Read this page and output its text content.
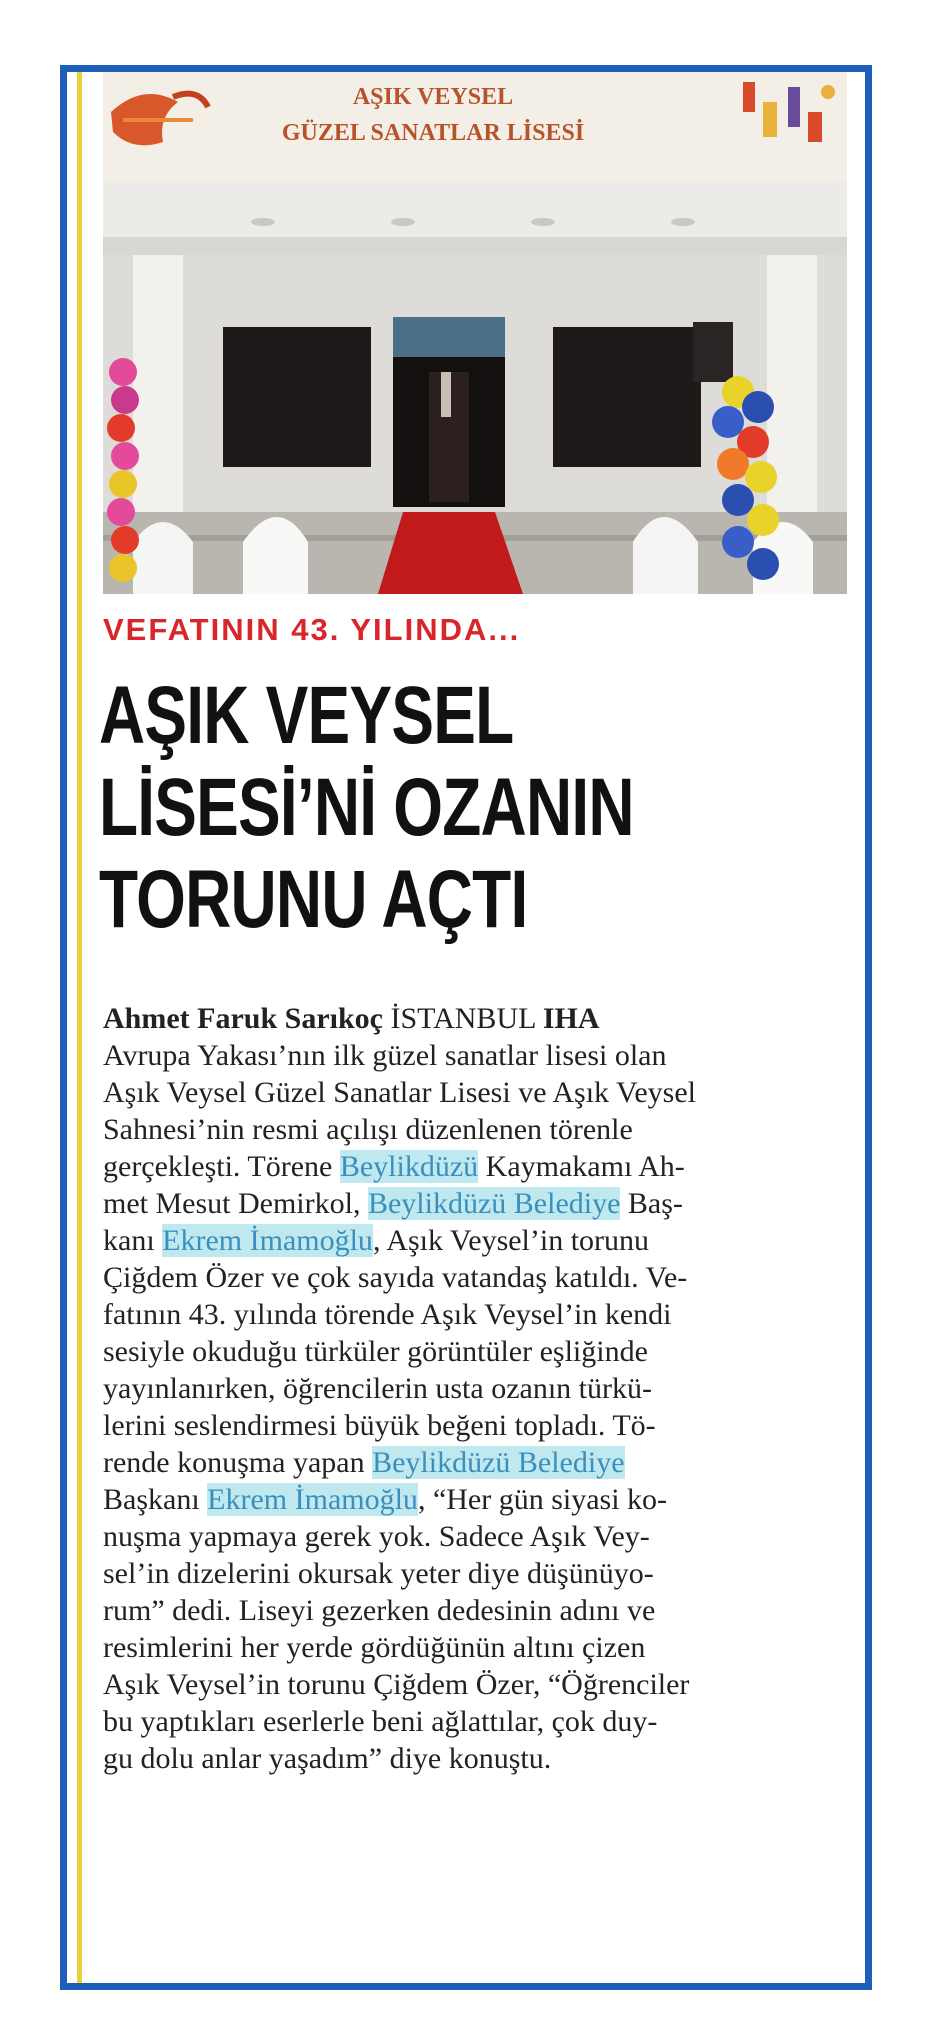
AŞIK VEYSEL
GÜZEL SANATLAR LİSESİ
VEFATININ 43. YILINDA...
AŞIK VEYSEL
LİSESİ’Nİ OZANIN
TORUNU AÇTI
Ahmet Faruk Sarıkoç İSTANBUL IHA
Avrupa Yakası’nın ilk güzel sanatlar lisesi olan
Aşık Veysel Güzel Sanatlar Lisesi ve Aşık Veysel
Sahnesi’nin resmi açılışı düzenlenen törenle
gerçekleşti. Törene Beylikdüzü Kaymakamı Ah-
met Mesut Demirkol, Beylikdüzü Belediye Baş-
kanı Ekrem İmamoğlu, Aşık Veysel’in torunu
Çiğdem Özer ve çok sayıda vatandaş katıldı. Ve-
fatının 43. yılında törende Aşık Veysel’in kendi
sesiyle okuduğu türküler görüntüler eşliğinde
yayınlanırken, öğrencilerin usta ozanın türkü-
lerini seslendirmesi büyük beğeni topladı. Tö-
rende konuşma yapan Beylikdüzü Belediye
Başkanı Ekrem İmamoğlu, “Her gün siyasi ko-
nuşma yapmaya gerek yok. Sadece Aşık Vey-
sel’in dizelerini okursak yeter diye düşünüyo-
rum” dedi. Liseyi gezerken dedesinin adını ve
resimlerini her yerde gördüğünün altını çizen
Aşık Veysel’in torunu Çiğdem Özer, “Öğrenciler
bu yaptıkları eserlerle beni ağlattılar, çok duy-
gu dolu anlar yaşadım” diye konuştu.
